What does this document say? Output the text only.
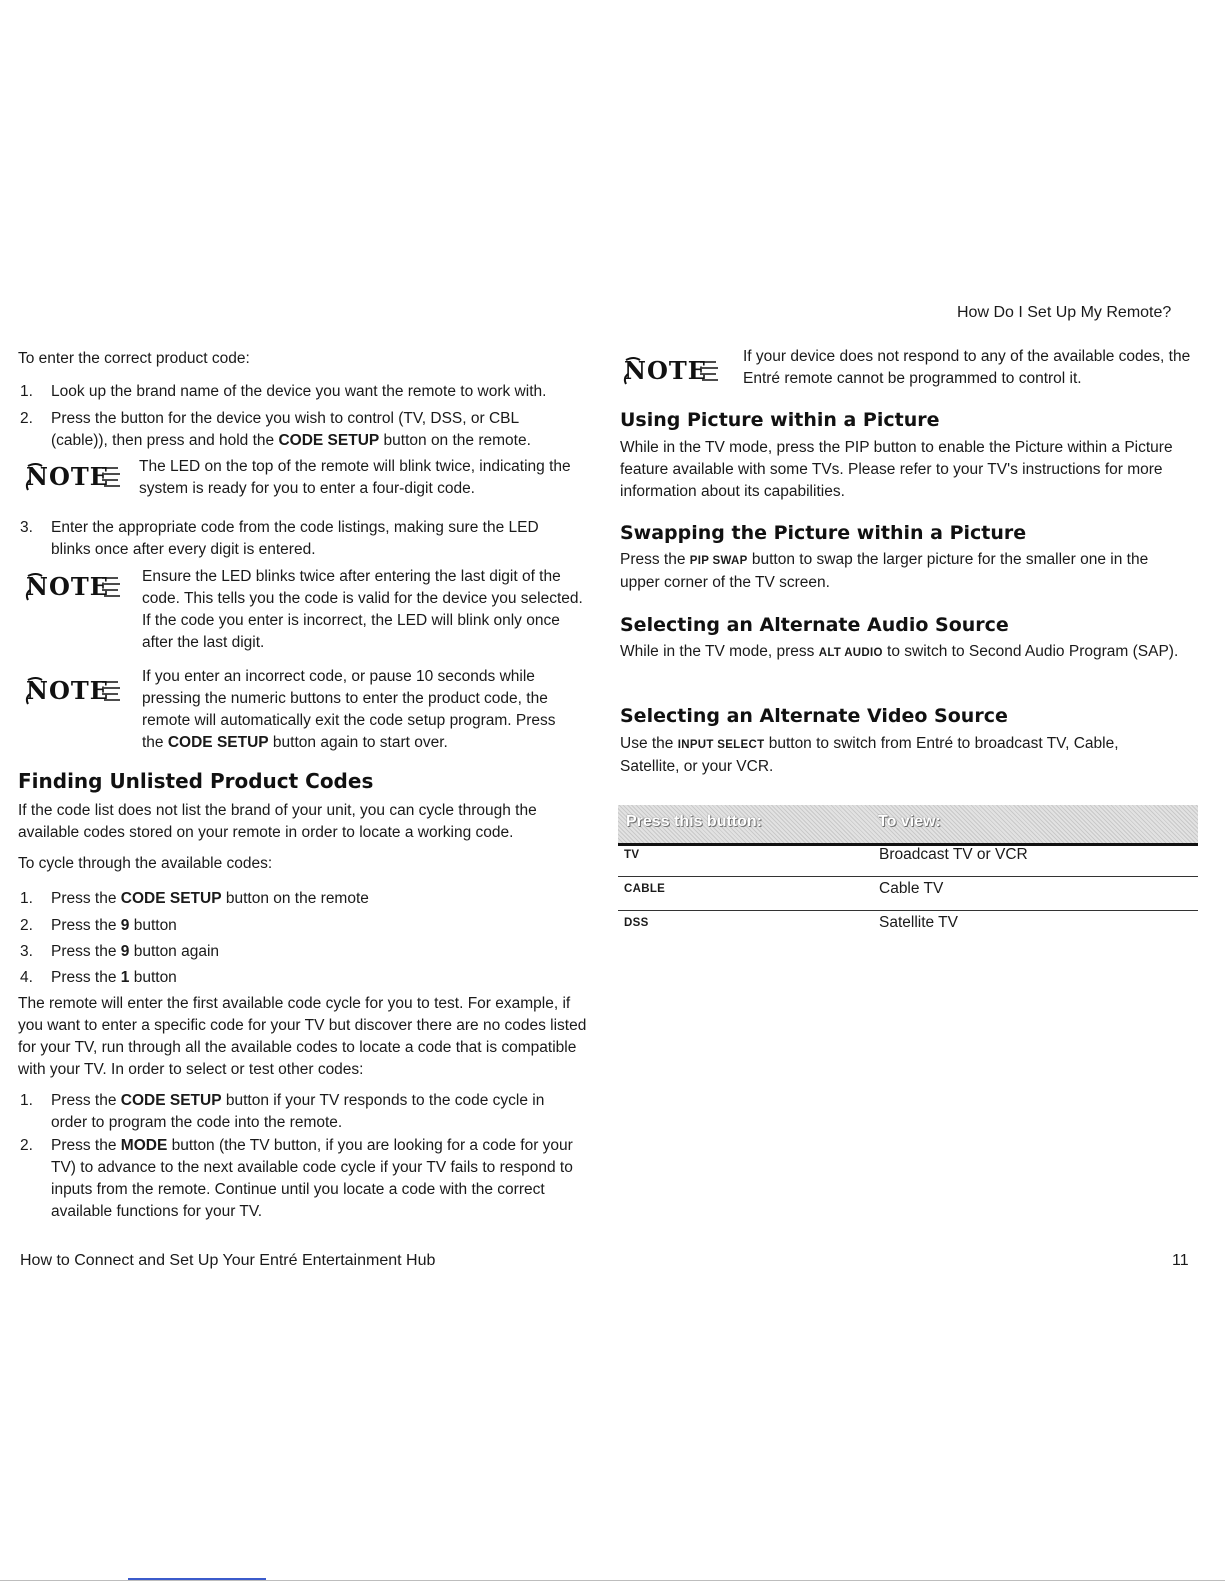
How Do I Set Up My Remote?
To enter the correct product code:
1. Look up the brand name of the device you want the remote to work with.
2. Press the button for the device you wish to control (TV, DSS, or CBL (cable)), then press and hold the CODE SETUP button on the remote.
NOTE The LED on the top of the remote will blink twice, indicating the system is ready for you to enter a four-digit code.
3. Enter the appropriate code from the code listings, making sure the LED blinks once after every digit is entered.
NOTE Ensure the LED blinks twice after entering the last digit of the code. This tells you the code is valid for the device you selected. If the code you enter is incorrect, the LED will blink only once after the last digit.
NOTE If you enter an incorrect code, or pause 10 seconds while pressing the numeric buttons to enter the product code, the remote will automatically exit the code setup program. Press the CODE SETUP button again to start over.
Finding Unlisted Product Codes
If the code list does not list the brand of your unit, you can cycle through the available codes stored on your remote in order to locate a working code.
To cycle through the available codes:
1. Press the CODE SETUP button on the remote
2. Press the 9 button
3. Press the 9 button again
4. Press the 1 button
The remote will enter the first available code cycle for you to test. For example, if you want to enter a specific code for your TV but discover there are no codes listed for your TV, run through all the available codes to locate a code that is compatible with your TV. In order to select or test other codes:
1. Press the CODE SETUP button if your TV responds to the code cycle in order to program the code into the remote.
2. Press the MODE button (the TV button, if you are looking for a code for your TV) to advance to the next available code cycle if your TV fails to respond to inputs from the remote. Continue until you locate a code with the correct available functions for your TV.
NOTE If your device does not respond to any of the available codes, the Entré remote cannot be programmed to control it.
Using Picture within a Picture
While in the TV mode, press the PIP button to enable the Picture within a Picture feature available with some TVs. Please refer to your TV's instructions for more information about its capabilities.
Swapping the Picture within a Picture
Press the PIP SWAP button to swap the larger picture for the smaller one in the upper corner of the TV screen.
Selecting an Alternate Audio Source
While in the TV mode, press ALT AUDIO to switch to Second Audio Program (SAP).
Selecting an Alternate Video Source
Use the INPUT SELECT button to switch from Entré to broadcast TV, Cable, Satellite, or your VCR.
Press this button:	To view:
TV	Broadcast TV or VCR
CABLE	Cable TV
DSS	Satellite TV
How to Connect and Set Up Your Entré Entertainment Hub	11
